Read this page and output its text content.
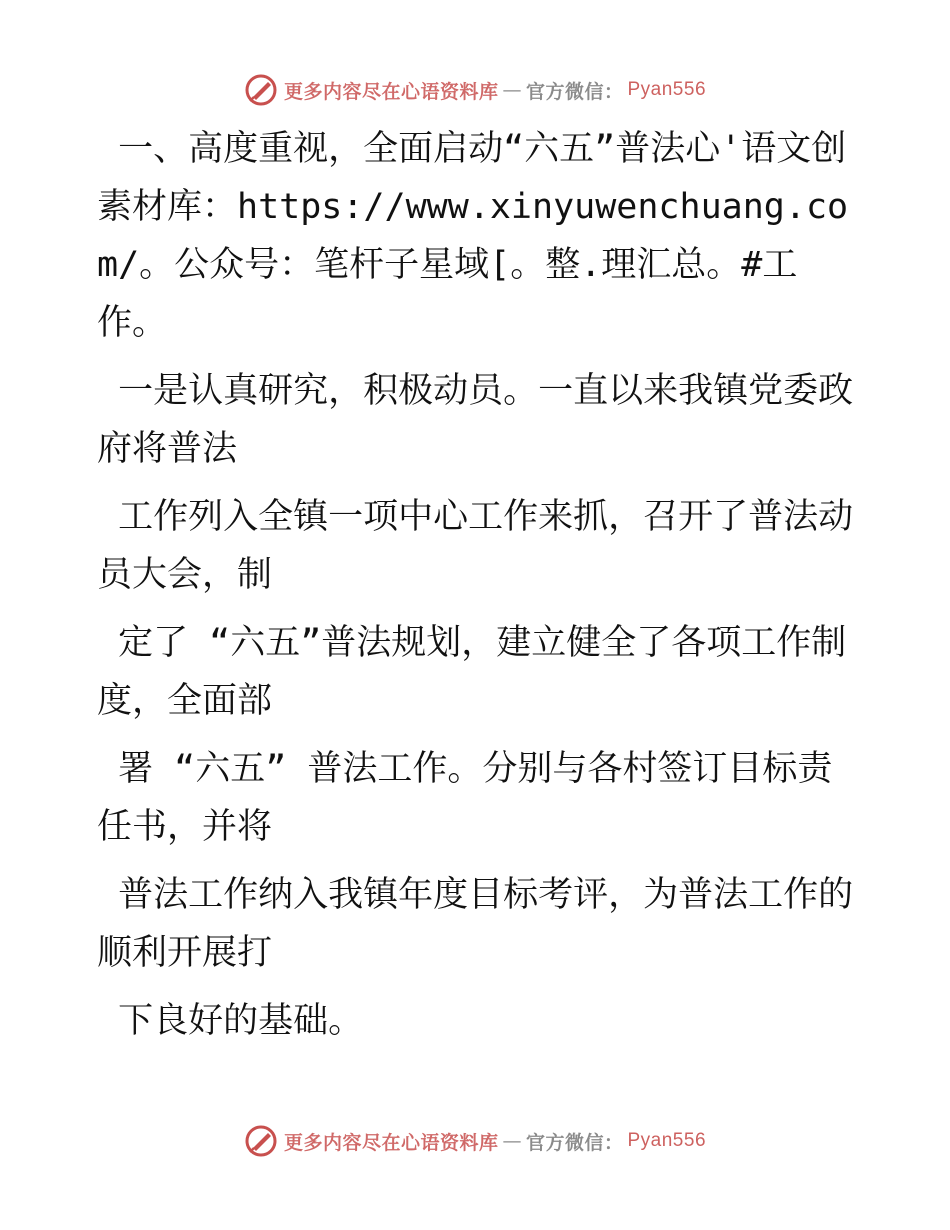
更多内容尽在心语资料库 — 官方微信： Pyan556

一、高度重视，全面启动“六五”普法心'语文创素材库：https://www.xinyuwenchuang.com/。公众号：笔杆子星域[。整.理汇总。#工作。

一是认真研究，积极动员。一直以来我镇党委政府将普法

工作列入全镇一项中心工作来抓，召开了普法动员大会，制

定了 “六五”普法规划，建立健全了各项工作制度，全面部

署 “六五” 普法工作。分别与各村签订目标责任书，并将

普法工作纳入我镇年度目标考评，为普法工作的顺利开展打

下良好的基础。

更多内容尽在心语资料库 — 官方微信： Pyan556
